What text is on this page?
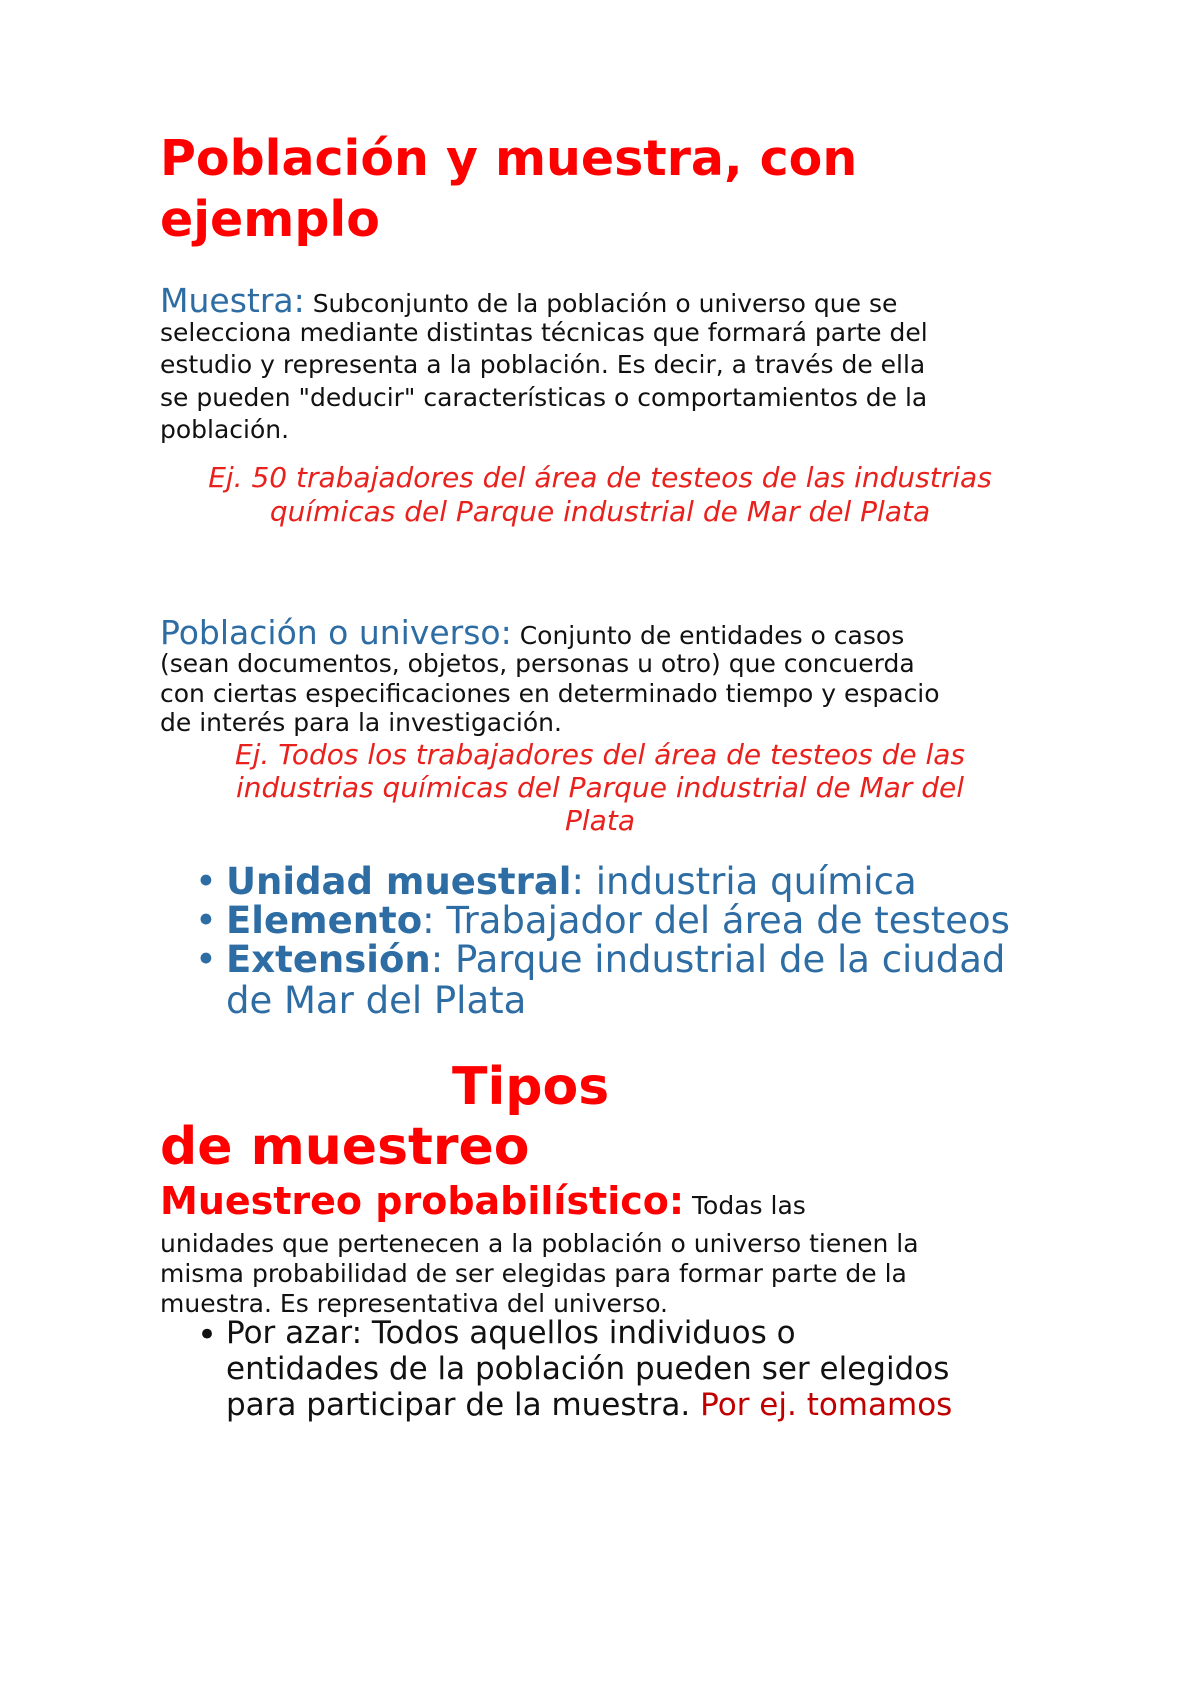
Población y muestra, con
ejemplo
Muestra: Subconjunto de la población o universo que se
selecciona mediante distintas técnicas que formará parte del
estudio y representa a la población. Es decir, a través de ella
se pueden "deducir" características o comportamientos de la
población.
Ej. 50 trabajadores del área de testeos de las industrias
químicas del Parque industrial de Mar del Plata
Población o universo: Conjunto de entidades o casos
(sean documentos, objetos, personas u otro) que concuerda
con ciertas especificaciones en determinado tiempo y espacio
de interés para la investigación.
Ej. Todos los trabajadores del área de testeos de las
industrias químicas del Parque industrial de Mar del
Plata
• Unidad muestral: industria química
• Elemento: Trabajador del área de testeos
• Extensión: Parque industrial de la ciudad
de Mar del Plata
Tipos
de muestreo
Muestreo probabilístico: Todas las
unidades que pertenecen a la población o universo tienen la
misma probabilidad de ser elegidas para formar parte de la
muestra. Es representativa del universo.
• Por azar: Todos aquellos individuos o
entidades de la población pueden ser elegidos
para participar de la muestra. Por ej. tomamos
